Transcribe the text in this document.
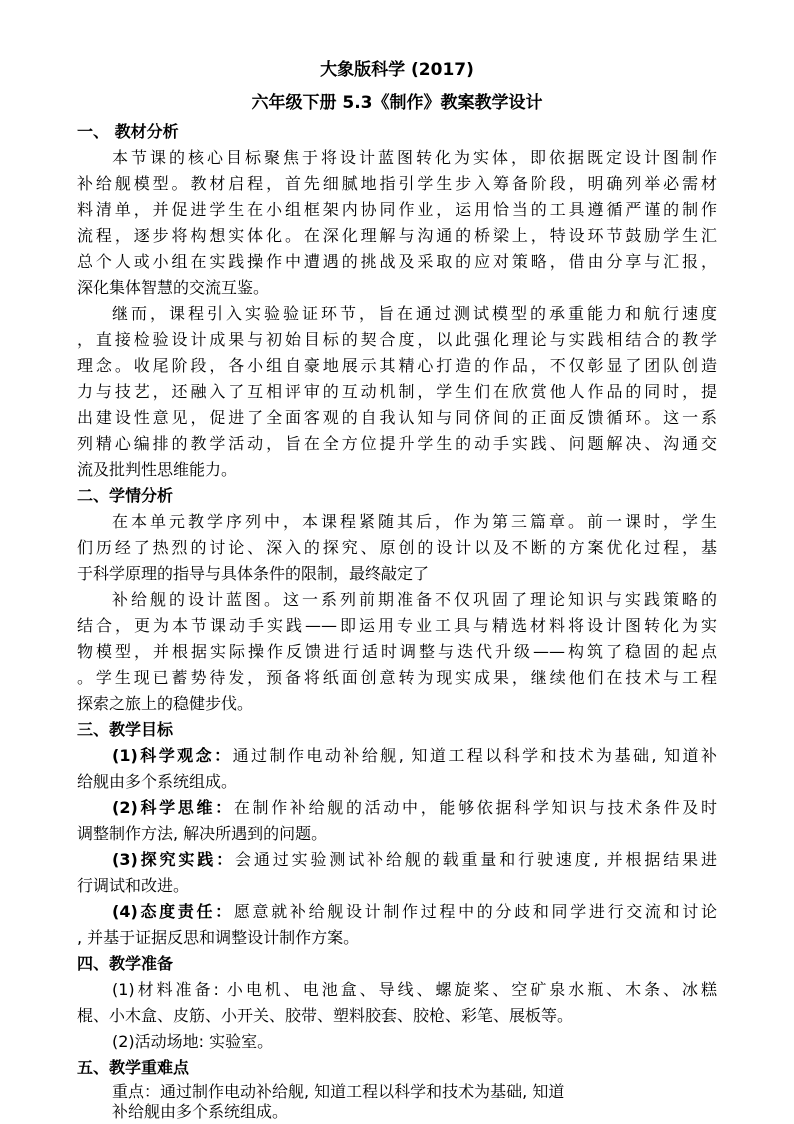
大象版科学 (2017)
六年级下册 5.3《制作》教案教学设计
一、 教材分析
本节课的核心目标聚焦于将设计蓝图转化为实体，即依据既定设计图制作
补给舰模型。教材启程，首先细腻地指引学生步入筹备阶段，明确列举必需材
料清单，并促进学生在小组框架内协同作业，运用恰当的工具遵循严谨的制作
流程，逐步将构想实体化。在深化理解与沟通的桥梁上，特设环节鼓励学生汇
总个人或小组在实践操作中遭遇的挑战及采取的应对策略，借由分享与汇报，
深化集体智慧的交流互鉴。
继而，课程引入实验验证环节，旨在通过测试模型的承重能力和航行速度
，直接检验设计成果与初始目标的契合度，以此强化理论与实践相结合的教学
理念。收尾阶段，各小组自豪地展示其精心打造的作品，不仅彰显了团队创造
力与技艺，还融入了互相评审的互动机制，学生们在欣赏他人作品的同时，提
出建设性意见，促进了全面客观的自我认知与同侪间的正面反馈循环。这一系
列精心编排的教学活动，旨在全方位提升学生的动手实践、问题解决、沟通交
流及批判性思维能力。
二、学情分析
在本单元教学序列中，本课程紧随其后，作为第三篇章。前一课时，学生
们历经了热烈的讨论、深入的探究、原创的设计以及不断的方案优化过程，基
于科学原理的指导与具体条件的限制，最终敲定了
补给舰的设计蓝图。这一系列前期准备不仅巩固了理论知识与实践策略的
结合，更为本节课动手实践——即运用专业工具与精选材料将设计图转化为实
物模型，并根据实际操作反馈进行适时调整与迭代升级——构筑了稳固的起点
。学生现已蓄势待发，预备将纸面创意转为现实成果，继续他们在技术与工程
探索之旅上的稳健步伐。
三、教学目标
(1)科学观念：通过制作电动补给舰, 知道工程以科学和技术为基础, 知道补
给舰由多个系统组成。
(2)科学思维：在制作补给舰的活动中，能够依据科学知识与技术条件及时
调整制作方法, 解决所遇到的问题。
(3)探究实践：会通过实验测试补给舰的载重量和行驶速度, 并根据结果进
行调试和改进。
(4)态度责任：愿意就补给舰设计制作过程中的分歧和同学进行交流和讨论
, 并基于证据反思和调整设计制作方案。
四、教学准备
(1)材料准备: 小电机、电池盒、导线、螺旋桨、空矿泉水瓶、木条、冰糕
棍、小木盒、皮筋、小开关、胶带、塑料胶套、胶枪、彩笔、展板等。
(2)活动场地: 实验室。
五、教学重难点
重点：通过制作电动补给舰, 知道工程以科学和技术为基础, 知道
补给舰由多个系统组成。
